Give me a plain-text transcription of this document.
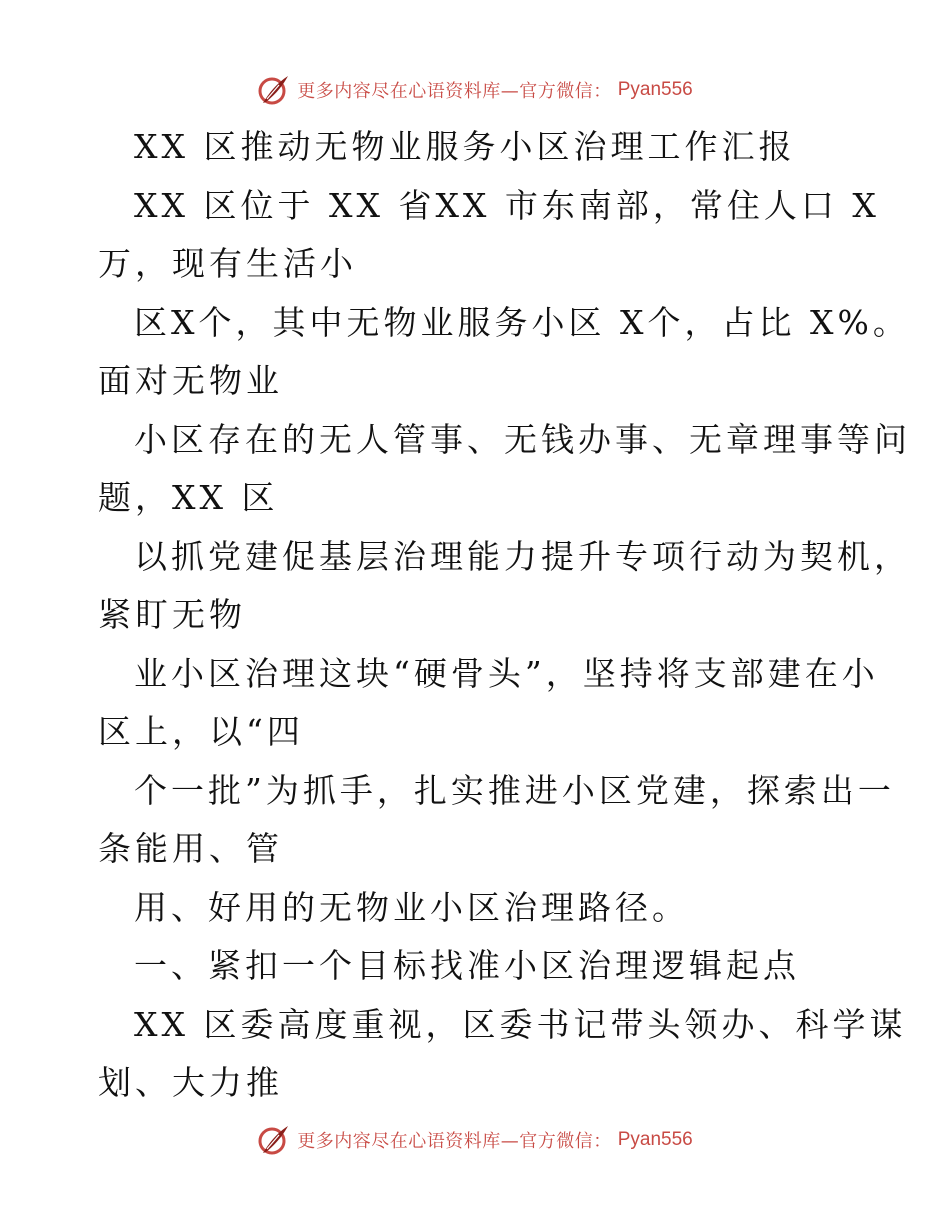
更多内容尽在心语资料库—官方微信： Pyan556
XX 区推动无物业服务小区治理工作汇报
XX 区位于 XX 省XX 市东南部，常住人口 X
万，现有生活小
区X个，其中无物业服务小区 X个，占比 X%。
面对无物业
小区存在的无人管事、无钱办事、无章理事等问
题，XX 区
以抓党建促基层治理能力提升专项行动为契机，
紧盯无物
业小区治理这块“硬骨头”，坚持将支部建在小
区上，以“四
个一批”为抓手，扎实推进小区党建，探索出一
条能用、管
用、好用的无物业小区治理路径。
一、紧扣一个目标找准小区治理逻辑起点
XX 区委高度重视，区委书记带头领办、科学谋
划、大力推
更多内容尽在心语资料库—官方微信： Pyan556
